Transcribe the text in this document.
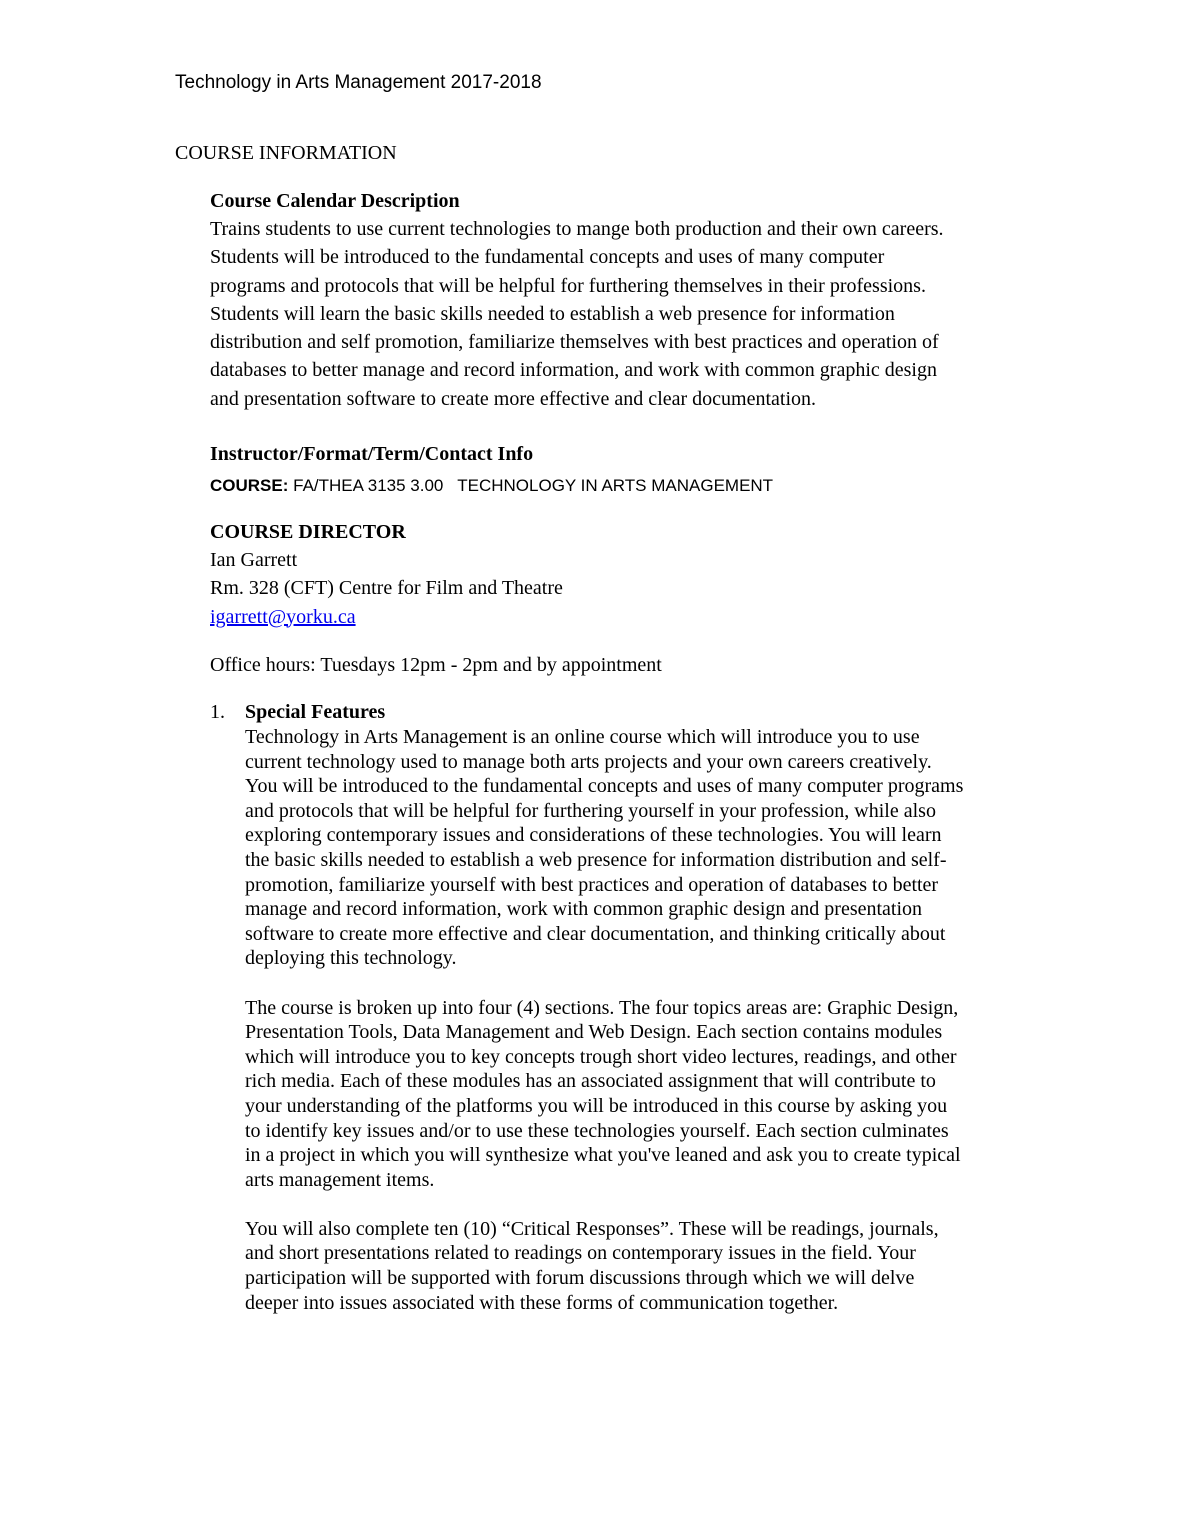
Technology in Arts Management 2017-2018
COURSE INFORMATION
Course Calendar Description
Trains students to use current technologies to mange both production and their own careers.
Students will be introduced to the fundamental concepts and uses of many computer
programs and protocols that will be helpful for furthering themselves in their professions.
Students will learn the basic skills needed to establish a web presence for information
distribution and self promotion, familiarize themselves with best practices and operation of
databases to better manage and record information, and work with common graphic design
and presentation software to create more effective and clear documentation.
Instructor/Format/Term/Contact Info
COURSE: FA/THEA 3135 3.00   TECHNOLOGY IN ARTS MANAGEMENT
COURSE DIRECTOR
Ian Garrett
Rm. 328 (CFT) Centre for Film and Theatre
igarrett@yorku.ca
Office hours: Tuesdays 12pm - 2pm and by appointment
1. Special Features
Technology in Arts Management is an online course which will introduce you to use
current technology used to manage both arts projects and your own careers creatively.
You will be introduced to the fundamental concepts and uses of many computer programs
and protocols that will be helpful for furthering yourself in your profession, while also
exploring contemporary issues and considerations of these technologies. You will learn
the basic skills needed to establish a web presence for information distribution and self-
promotion, familiarize yourself with best practices and operation of databases to better
manage and record information, work with common graphic design and presentation
software to create more effective and clear documentation, and thinking critically about
deploying this technology.
The course is broken up into four (4) sections. The four topics areas are: Graphic Design,
Presentation Tools, Data Management and Web Design. Each section contains modules
which will introduce you to key concepts trough short video lectures, readings, and other
rich media. Each of these modules has an associated assignment that will contribute to
your understanding of the platforms you will be introduced in this course by asking you
to identify key issues and/or to use these technologies yourself. Each section culminates
in a project in which you will synthesize what you've leaned and ask you to create typical
arts management items.
You will also complete ten (10) “Critical Responses”. These will be readings, journals,
and short presentations related to readings on contemporary issues in the field. Your
participation will be supported with forum discussions through which we will delve
deeper into issues associated with these forms of communication together.
